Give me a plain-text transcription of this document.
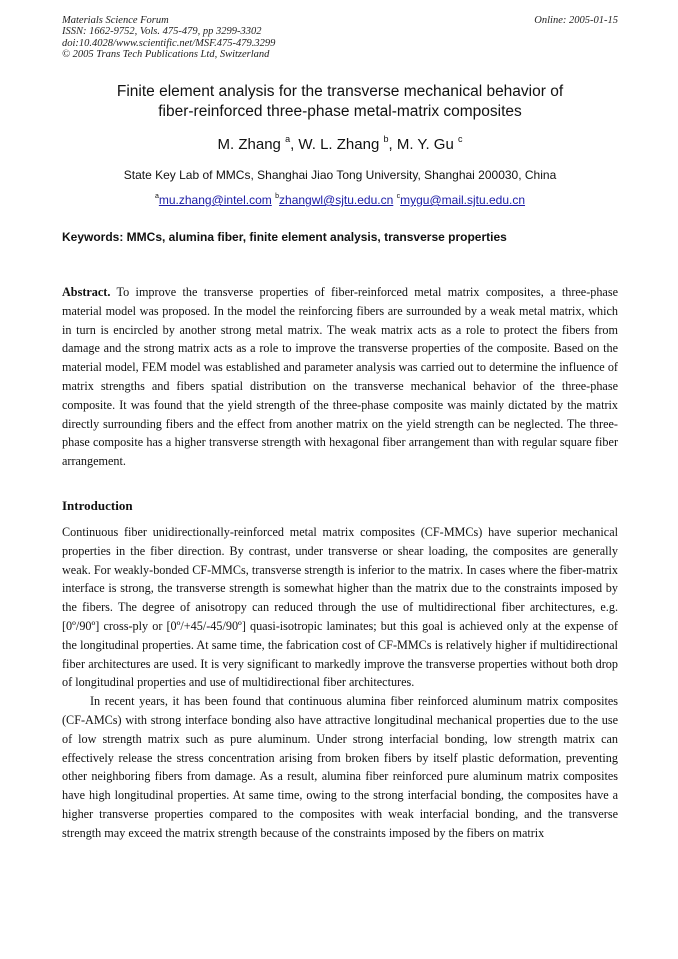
Materials Science Forum
ISSN: 1662-9752, Vols. 475-479, pp 3299-3302
doi:10.4028/www.scientific.net/MSF.475-479.3299
© 2005 Trans Tech Publications Ltd, Switzerland
Online: 2005-01-15
Finite element analysis for the transverse mechanical behavior of
fiber-reinforced three-phase metal-matrix composites
M. Zhang $^a$, W. L. Zhang $^b$, M. Y. Gu $^c$
State Key Lab of MMCs, Shanghai Jiao Tong University, Shanghai 200030, China
$^a$mu.zhang@intel.com $^b$zhangwl@sjtu.edu.cn $^c$mygu@mail.sjtu.edu.cn
Keywords: MMCs, alumina fiber, finite element analysis, transverse properties
Abstract. To improve the transverse properties of fiber-reinforced metal matrix composites, a three-phase material model was proposed. In the model the reinforcing fibers are surrounded by a weak metal matrix, which in turn is encircled by another strong metal matrix. The weak matrix acts as a role to protect the fibers from damage and the strong matrix acts as a role to improve the transverse properties of the composite. Based on the material model, FEM model was established and parameter analysis was carried out to determine the influence of matrix strengths and fibers spatial distribution on the transverse mechanical behavior of the three-phase composite. It was found that the yield strength of the three-phase composite was mainly dictated by the matrix directly surrounding fibers and the effect from another matrix on the yield strength can be neglected. The three-phase composite has a higher transverse strength with hexagonal fiber arrangement than with regular square fiber arrangement.
Introduction

Continuous fiber unidirectionally-reinforced metal matrix composites (CF-MMCs) have superior mechanical properties in the fiber direction. By contrast, under transverse or shear loading, the composites are generally weak. For weakly-bonded CF-MMCs, transverse strength is inferior to the matrix. In cases where the fiber-matrix interface is strong, the transverse strength is somewhat higher than the matrix due to the constraints imposed by the fibers. The degree of anisotropy can reduced through the use of multidirectional fiber architectures, e.g. [0º/90º] cross-ply or [0º/+45/-45/90º] quasi-isotropic laminates; but this goal is achieved only at the expense of the longitudinal properties. At same time, the fabrication cost of CF-MMCs is relatively higher if multidirectional fiber architectures are used. It is very significant to markedly improve the transverse properties without both drop of longitudinal properties and use of multidirectional fiber architectures.

In recent years, it has been found that continuous alumina fiber reinforced aluminum matrix composites (CF-AMCs) with strong interface bonding also have attractive longitudinal mechanical properties due to the use of low strength matrix such as pure aluminum. Under strong interfacial bonding, low strength matrix can effectively release the stress concentration arising from broken fibers by itself plastic deformation, preventing other neighboring fibers from damage. As a result, alumina fiber reinforced pure aluminum matrix composites have high longitudinal properties. At same time, owing to the strong interfacial bonding, the composites have a higher transverse properties compared to the composites with weak interfacial bonding, and the transverse strength may exceed the matrix strength because of the constraints imposed by the fibers on matrix
